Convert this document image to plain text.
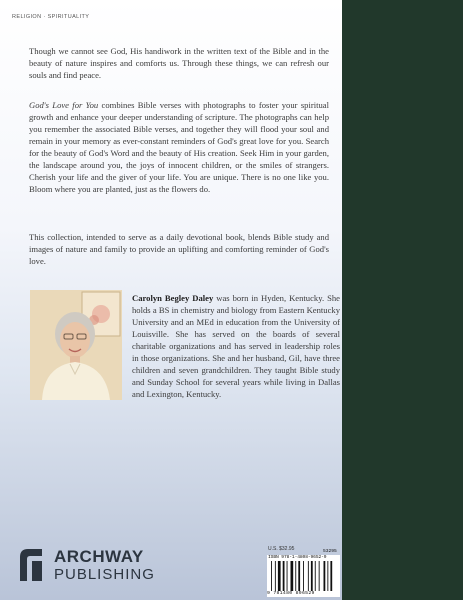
RELIGION · SPIRITUALITY

Though we cannot see God, His handiwork in the written text of the Bible and in the beauty of nature inspires and comforts us. Through these things, we can refresh our souls and find peace.

God's Love for You combines Bible verses with photographs to foster your spiritual growth and enhance your deeper understanding of scripture. The photographs can help you remember the associated Bible verses, and together they will flood your soul and remain in your memory as ever-constant reminders of God's great love for you. Search for the beauty of God's Word and the beauty of His creation. Seek Him in your garden, the landscape around you, the joys of innocent children, or the smiles of strangers. Cherish your life and the giver of your life. You are unique. There is no one like you. Bloom where you are planted, just as the flowers do.

This collection, intended to serve as a daily devotional book, blends Bible study and images of nature and family to provide an uplifting and comforting reminder of God's love.

Carolyn Begley Daley was born in Hyden, Kentucky. She holds a BS in chemistry and biology from Eastern Kentucky University and an MEd in education from the University of Louisville. She has served on the boards of several charitable organizations and has served in leadership roles in those organizations. She and her husband, Gil, have three children and seven grandchildren. They taught Bible study and Sunday School for several years while living in Dallas and Lexington, Kentucky.

ARCHWAY
PUBLISHING
U.S. $32.95
ISBN 978-1-4808-9652-9
9 781480 896529
53295
